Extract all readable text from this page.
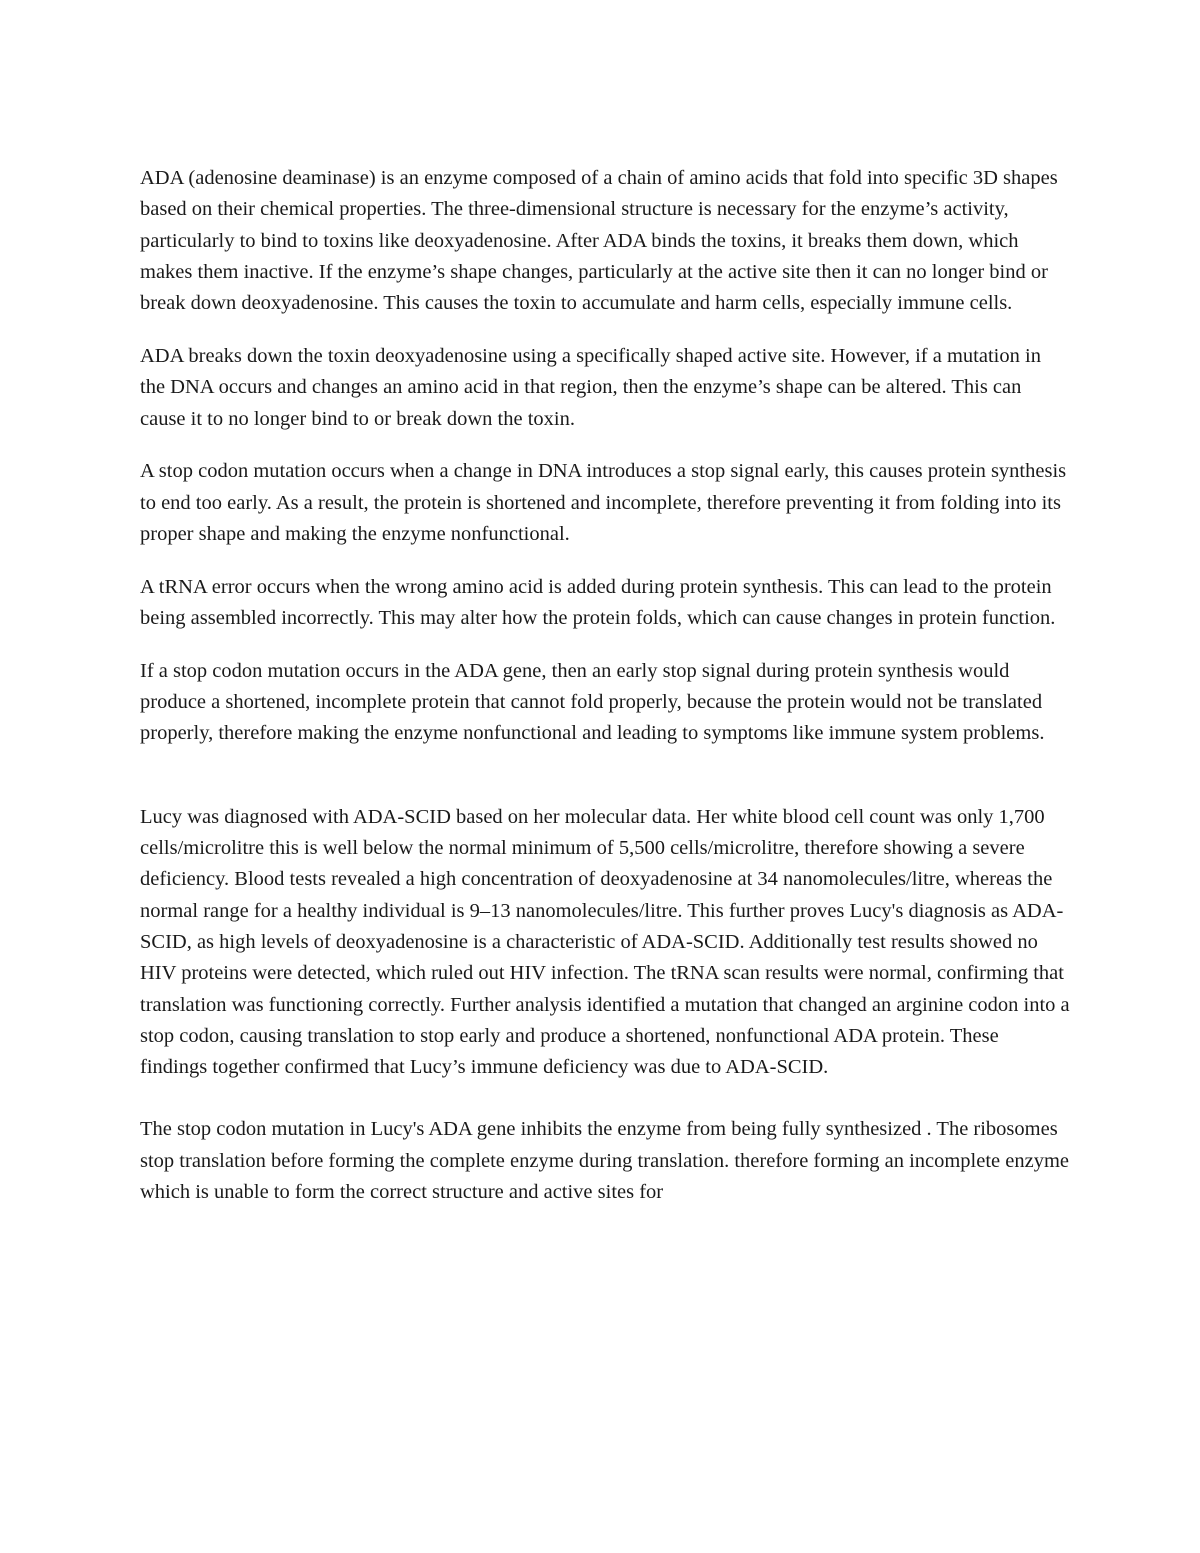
ADA (adenosine deaminase) is an enzyme composed of a chain of amino acids that fold into specific 3D shapes based on their chemical properties. The three-dimensional structure is necessary for the enzyme’s activity, particularly to bind to toxins like deoxyadenosine. After ADA binds the toxins, it breaks them down, which makes them inactive. If the enzyme’s shape changes, particularly at the active site then it can no longer bind or break down deoxyadenosine. This causes the toxin to accumulate and harm cells, especially immune cells.

ADA breaks down the toxin deoxyadenosine using a specifically shaped active site. However, if a mutation in the DNA occurs and changes an amino acid in that region, then the enzyme’s shape can be altered. This can cause it to no longer bind to or break down the toxin.

A stop codon mutation occurs when a change in DNA introduces a stop signal early, this causes protein synthesis to end too early. As a result, the protein is shortened and incomplete, therefore preventing it from folding into its proper shape and making the enzyme nonfunctional.

A tRNA error occurs when the wrong amino acid is added during protein synthesis. This can lead to the protein being assembled incorrectly. This may alter how the protein folds, which can cause changes in protein function.

If a stop codon mutation occurs in the ADA gene, then an early stop signal during protein synthesis would produce a shortened, incomplete protein that cannot fold properly, because the protein would not be translated properly, therefore making the enzyme nonfunctional and leading to symptoms like immune system problems.

Lucy was diagnosed with ADA-SCID based on her molecular data. Her white blood cell count was only 1,700 cells/microlitre this is well below the normal minimum of 5,500 cells/microlitre, therefore showing a severe deficiency. Blood tests revealed a high concentration of deoxyadenosine at 34 nanomolecules/litre, whereas the normal range for a healthy individual is 9–13 nanomolecules/litre. This further proves Lucy's diagnosis as ADA-SCID, as high levels of deoxyadenosine is a characteristic of ADA-SCID. Additionally test results showed no HIV proteins were detected, which ruled out HIV infection. The tRNA scan results were normal, confirming that translation was functioning correctly. Further analysis identified a mutation that changed an arginine codon into a stop codon, causing translation to stop early and produce a shortened, nonfunctional ADA protein. These findings together confirmed that Lucy’s immune deficiency was due to ADA-SCID.

The stop codon mutation in Lucy's ADA gene inhibits the enzyme from being fully synthesized . The ribosomes stop translation before forming the complete enzyme during translation. therefore forming an incomplete enzyme which is unable to form the correct structure and active sites for
